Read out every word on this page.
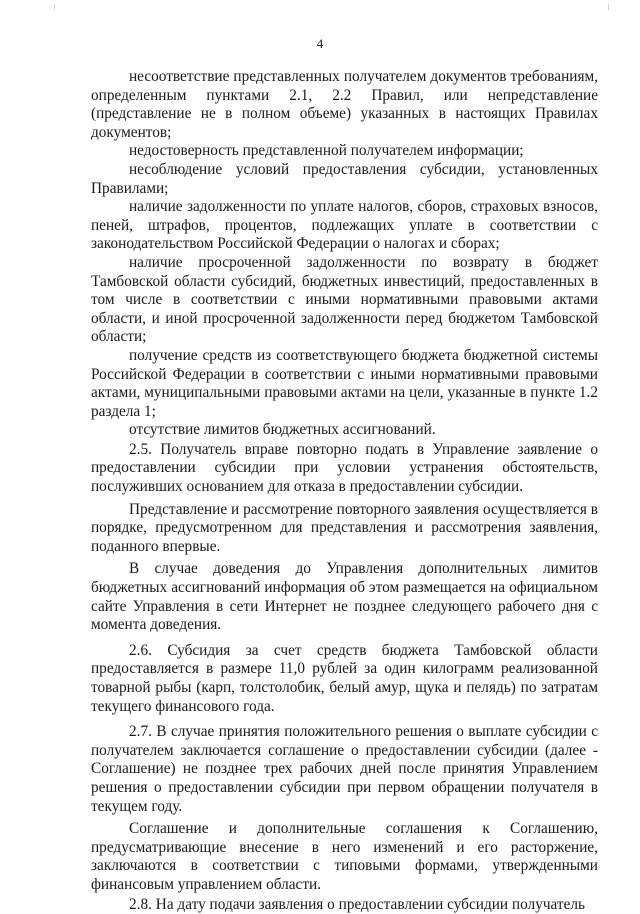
4

несоответствие представленных получателем документов требованиям, определенным пунктами 2.1, 2.2 Правил, или непредставление (представление не в полном объеме) указанных в настоящих Правилах документов;

недостоверность представленной получателем информации;

несоблюдение условий предоставления субсидии, установленных Правилами;

наличие задолженности по уплате налогов, сборов, страховых взносов, пеней, штрафов, процентов, подлежащих уплате в соответствии с законодательством Российской Федерации о налогах и сборах;

наличие просроченной задолженности по возврату в бюджет Тамбовской области субсидий, бюджетных инвестиций, предоставленных в том числе в соответствии с иными нормативными правовыми актами области, и иной просроченной задолженности перед бюджетом Тамбовской области;

получение средств из соответствующего бюджета бюджетной системы Российской Федерации в соответствии с иными нормативными правовыми актами, муниципальными правовыми актами на цели, указанные в пункте 1.2 раздела 1;

отсутствие лимитов бюджетных ассигнований.

2.5. Получатель вправе повторно подать в Управление заявление о предоставлении субсидии при условии устранения обстоятельств, послуживших основанием для отказа в предоставлении субсидии.

Представление и рассмотрение повторного заявления осуществляется в порядке, предусмотренном для представления и рассмотрения заявления, поданного впервые.

В случае доведения до Управления дополнительных лимитов бюджетных ассигнований информация об этом размещается на официальном сайте Управления в сети Интернет не позднее следующего рабочего дня с момента доведения.

2.6. Субсидия за счет средств бюджета Тамбовской области предоставляется в размере 11,0 рублей за один килограмм реализованной товарной рыбы (карп, толстолобик, белый амур, щука и пелядь) по затратам текущего финансового года.

2.7. В случае принятия положительного решения о выплате субсидии с получателем заключается соглашение о предоставлении субсидии (далее - Соглашение) не позднее трех рабочих дней после принятия Управлением решения о предоставлении субсидии при первом обращении получателя в текущем году.

Соглашение и дополнительные соглашения к Соглашению, предусматривающие внесение в него изменений и его расторжение, заключаются в соответствии с типовыми формами, утвержденными финансовым управлением области.

2.8. На дату подачи заявления о предоставлении субсидии получатель
